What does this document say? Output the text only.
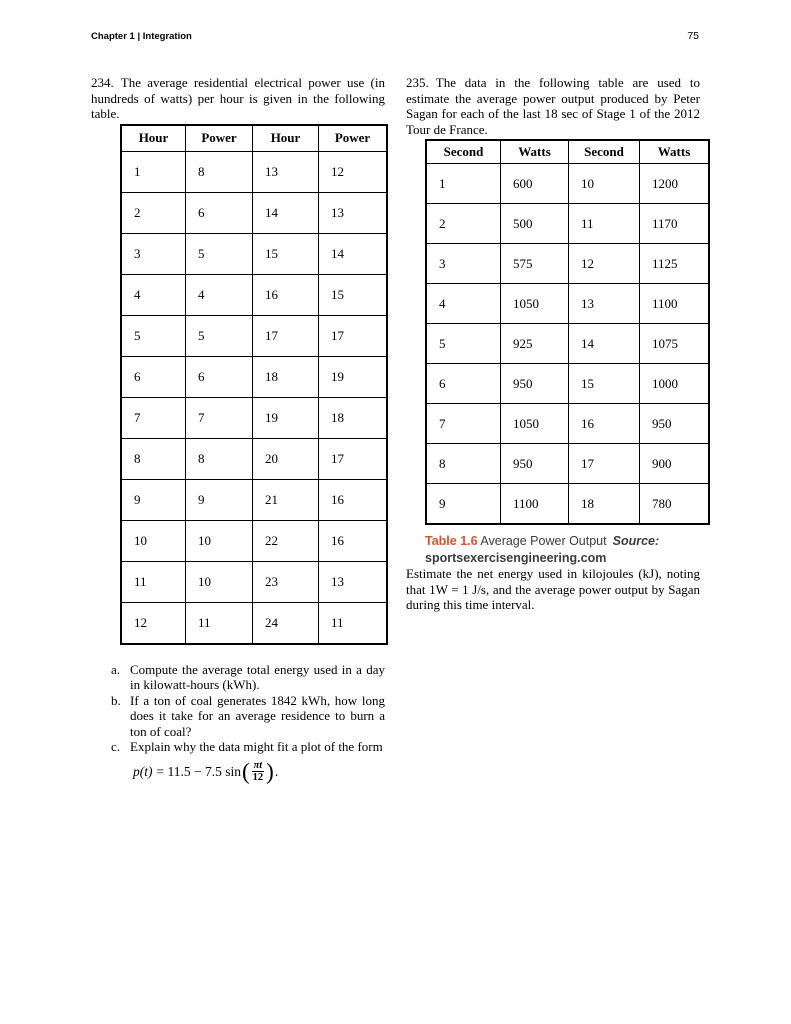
Chapter 1 | Integration	75

234. The average residential electrical power use (in hundreds of watts) per hour is given in the following table.

Hour	Power	Hour	Power
1	8	13	12
2	6	14	13
3	5	15	14
4	4	16	15
5	5	17	17
6	6	18	19
7	7	19	18
8	8	20	17
9	9	21	16
10	10	22	16
11	10	23	13
12	11	24	11
a. Compute the average total energy used in a day in kilowatt-hours (kWh).
b. If a ton of coal generates 1842 kWh, how long does it take for an average residence to burn a ton of coal?
c. Explain why the data might fit a plot of the form
p(t) = 11.5 − 7.5 sin ( $\frac{\pi t}{12}$ ) .

235. The data in the following table are used to estimate the average power output produced by Peter Sagan for each of the last 18 sec of Stage 1 of the 2012 Tour de France.

Second	Watts	Second	Watts
1	600	10	1200
2	500	11	1170
3	575	12	1125
4	1050	13	1100
5	925	14	1075
6	950	15	1000
7	1050	16	950
8	950	17	900
9	1100	18	780
Table 1.6 Average Power Output Source: sportsexercisengineering.com

Estimate the net energy used in kilojoules (kJ), noting that 1W = 1 J/s, and the average power output by Sagan during this time interval.
